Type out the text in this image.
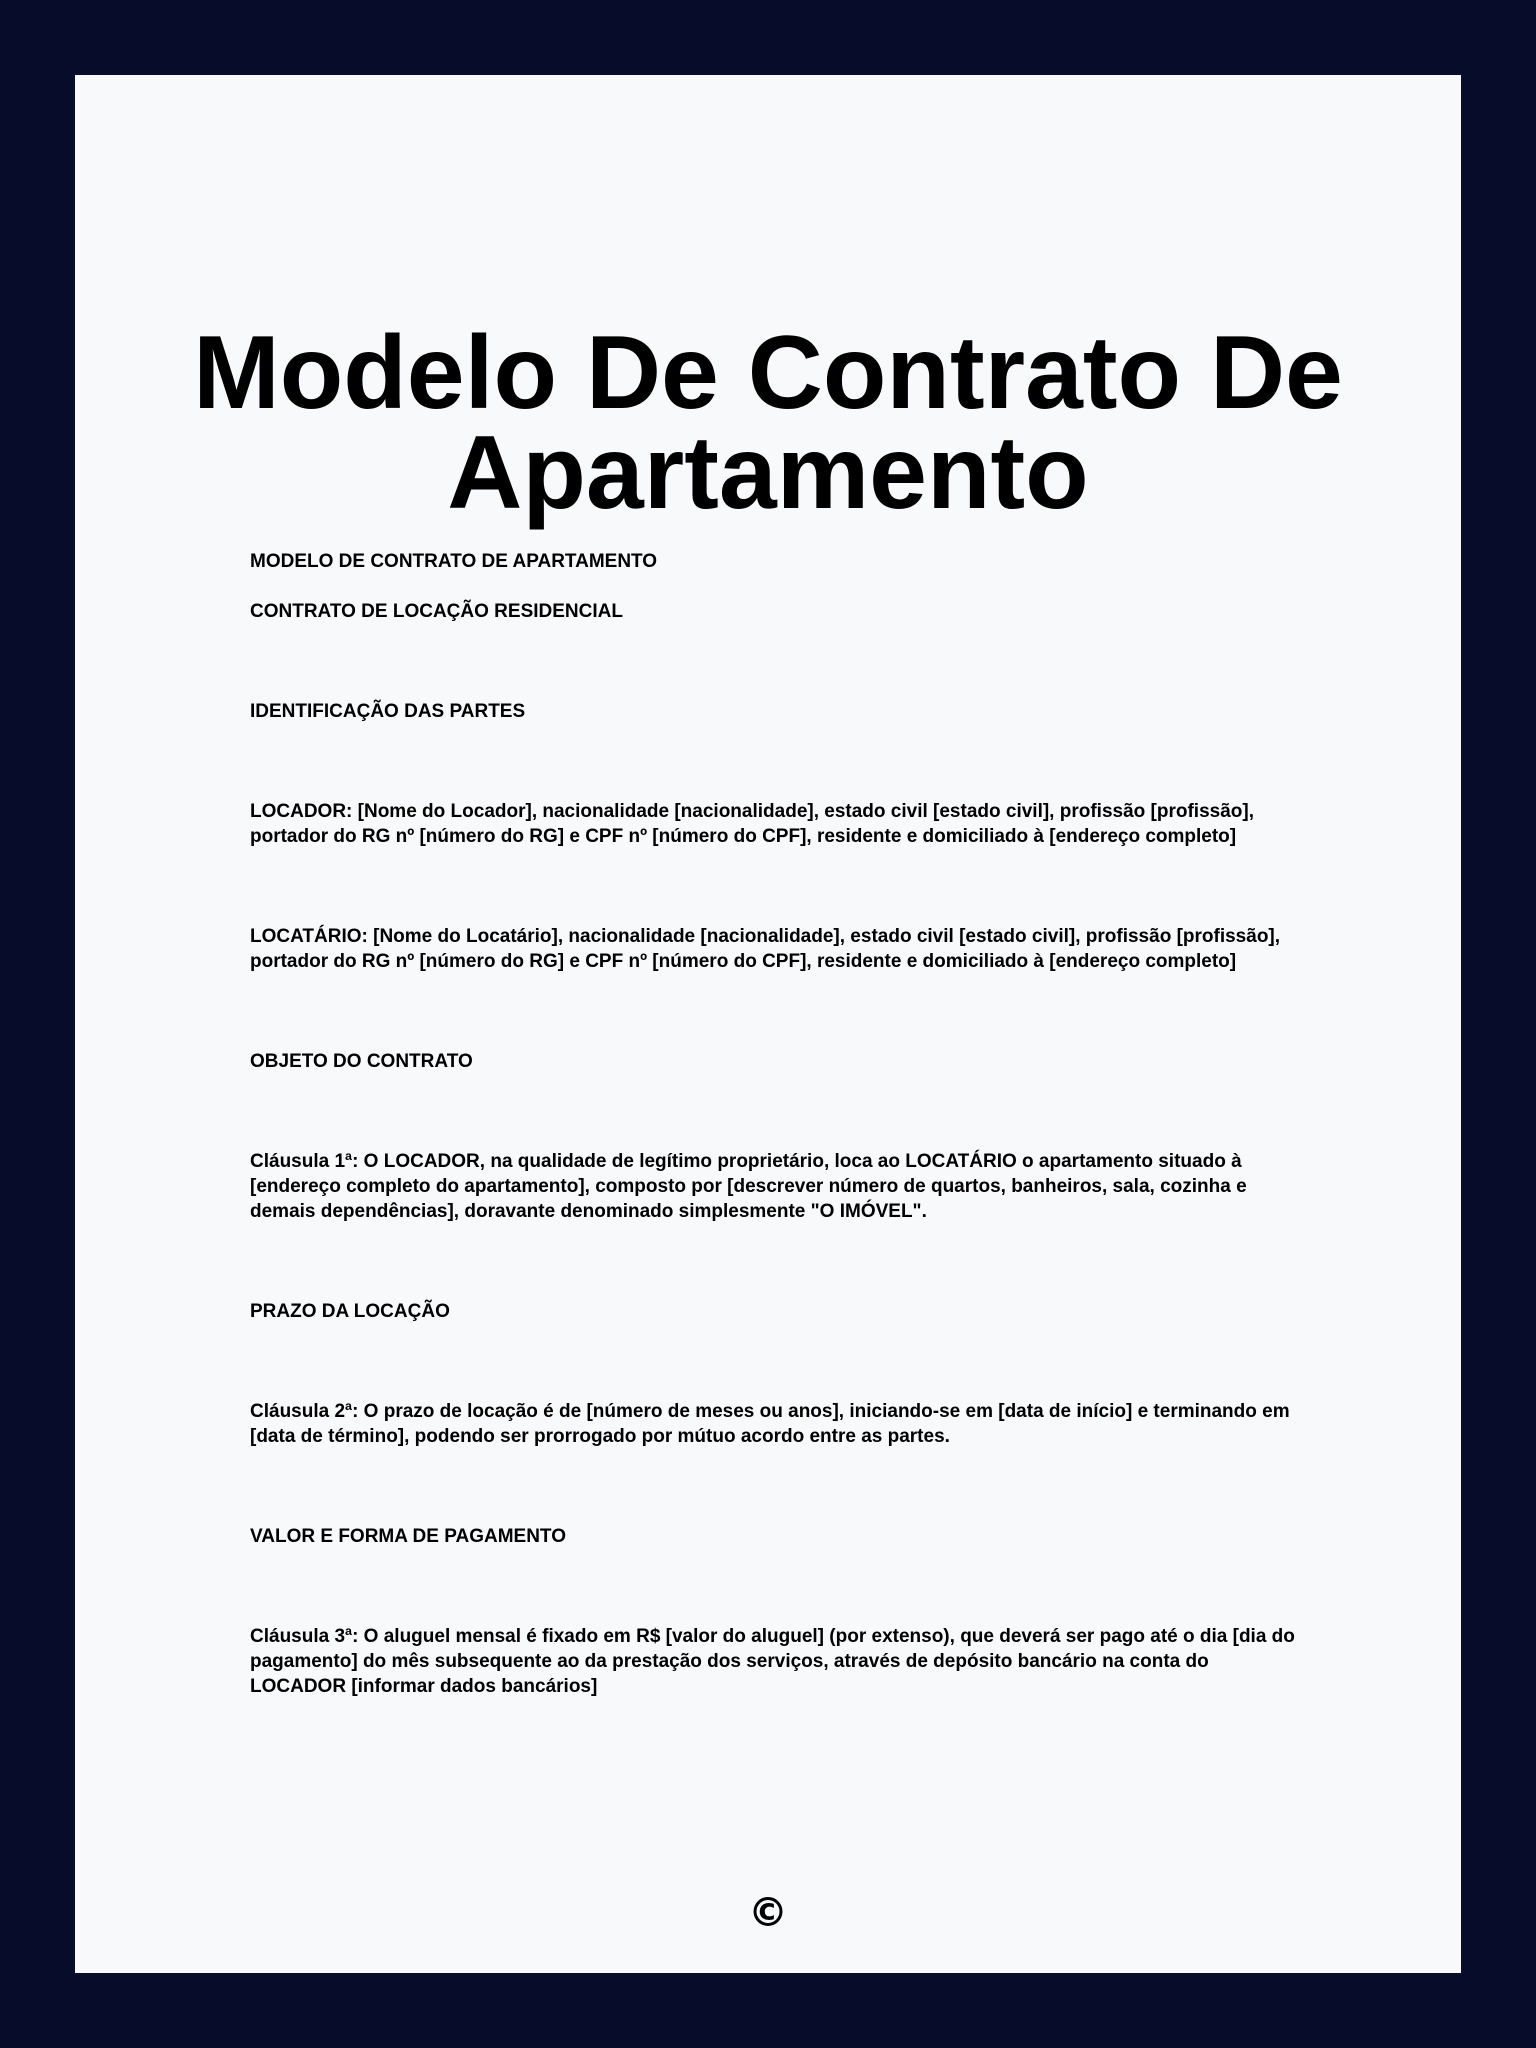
Modelo De Contrato De Apartamento

MODELO DE CONTRATO DE APARTAMENTO

CONTRATO DE LOCAÇÃO RESIDENCIAL

IDENTIFICAÇÃO DAS PARTES

LOCADOR: [Nome do Locador], nacionalidade [nacionalidade], estado civil [estado civil], profissão [profissão], portador do RG nº [número do RG] e CPF nº [número do CPF], residente e domiciliado à [endereço completo]

LOCATÁRIO: [Nome do Locatário], nacionalidade [nacionalidade], estado civil [estado civil], profissão [profissão], portador do RG nº [número do RG] e CPF nº [número do CPF], residente e domiciliado à [endereço completo]

OBJETO DO CONTRATO

Cláusula 1ª: O LOCADOR, na qualidade de legítimo proprietário, loca ao LOCATÁRIO o apartamento situado à [endereço completo do apartamento], composto por [descrever número de quartos, banheiros, sala, cozinha e demais dependências], doravante denominado simplesmente "O IMÓVEL".

PRAZO DA LOCAÇÃO

Cláusula 2ª: O prazo de locação é de [número de meses ou anos], iniciando-se em [data de início] e terminando em [data de término], podendo ser prorrogado por mútuo acordo entre as partes.

VALOR E FORMA DE PAGAMENTO

Cláusula 3ª: O aluguel mensal é fixado em R$ [valor do aluguel] (por extenso), que deverá ser pago até o dia [dia do pagamento] do mês subsequente ao da prestação dos serviços, através de depósito bancário na conta do LOCADOR [informar dados bancários]

©
